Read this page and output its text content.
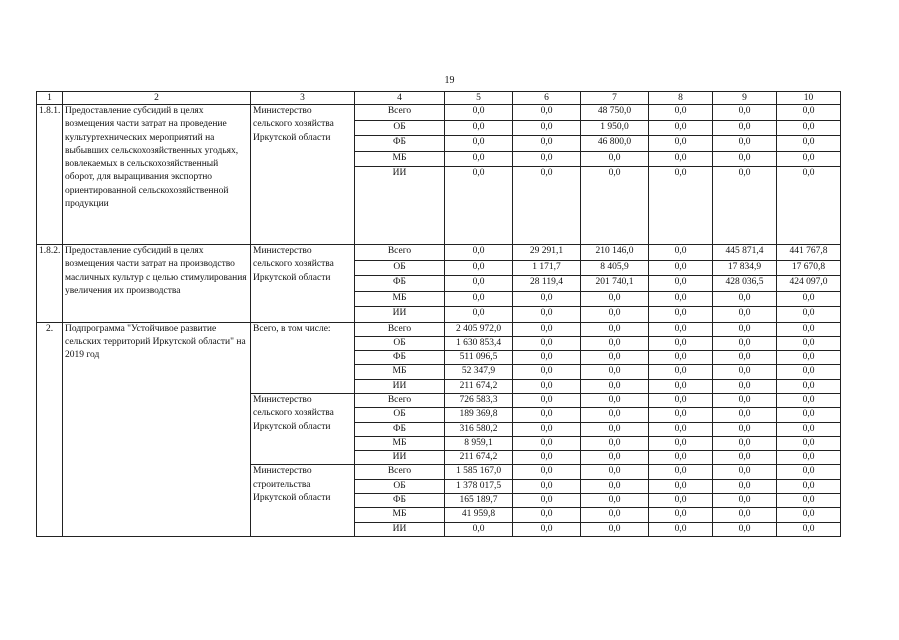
19
1	2	3	4	5	6	7	8	9	10
1.8.1.	Предоставление субсидий в целях возмещения части затрат на проведение культуртехнических мероприятий на выбывших сельскохозяйственных угодьях, вовлекаемых в сельскохозяйственный оборот, для выращивания экспортно ориентированной сельскохозяйственной продукции	Министерство сельского хозяйства Иркутской области	Всего	0,0	0,0	48 750,0	0,0	0,0	0,0
			ОБ	0,0	0,0	1 950,0	0,0	0,0	0,0
			ФБ	0,0	0,0	46 800,0	0,0	0,0	0,0
			МБ	0,0	0,0	0,0	0,0	0,0	0,0
			ИИ	0,0	0,0	0,0	0,0	0,0	0,0
1.8.2.	Предоставление субсидий в целях возмещения части затрат на производство масличных культур с целью стимулирования увеличения их производства	Министерство сельского хозяйства Иркутской области	Всего	0,0	29 291,1	210 146,0	0,0	445 871,4	441 767,8
			ОБ	0,0	1 171,7	8 405,9	0,0	17 834,9	17 670,8
			ФБ	0,0	28 119,4	201 740,1	0,0	428 036,5	424 097,0
			МБ	0,0	0,0	0,0	0,0	0,0	0,0
			ИИ	0,0	0,0	0,0	0,0	0,0	0,0
2.	Подпрограмма "Устойчивое развитие сельских территорий Иркутской области" на 2019 год	Всего, в том числе:	Всего	2 405 972,0	0,0	0,0	0,0	0,0	0,0
			ОБ	1 630 853,4	0,0	0,0	0,0	0,0	0,0
			ФБ	511 096,5	0,0	0,0	0,0	0,0	0,0
			МБ	52 347,9	0,0	0,0	0,0	0,0	0,0
			ИИ	211 674,2	0,0	0,0	0,0	0,0	0,0
		Министерство сельского хозяйства Иркутской области	Всего	726 583,3	0,0	0,0	0,0	0,0	0,0
			ОБ	189 369,8	0,0	0,0	0,0	0,0	0,0
			ФБ	316 580,2	0,0	0,0	0,0	0,0	0,0
			МБ	8 959,1	0,0	0,0	0,0	0,0	0,0
			ИИ	211 674,2	0,0	0,0	0,0	0,0	0,0
		Министерство строительства Иркутской области	Всего	1 585 167,0	0,0	0,0	0,0	0,0	0,0
			ОБ	1 378 017,5	0,0	0,0	0,0	0,0	0,0
			ФБ	165 189,7	0,0	0,0	0,0	0,0	0,0
			МБ	41 959,8	0,0	0,0	0,0	0,0	0,0
			ИИ	0,0	0,0	0,0	0,0	0,0	0,0
